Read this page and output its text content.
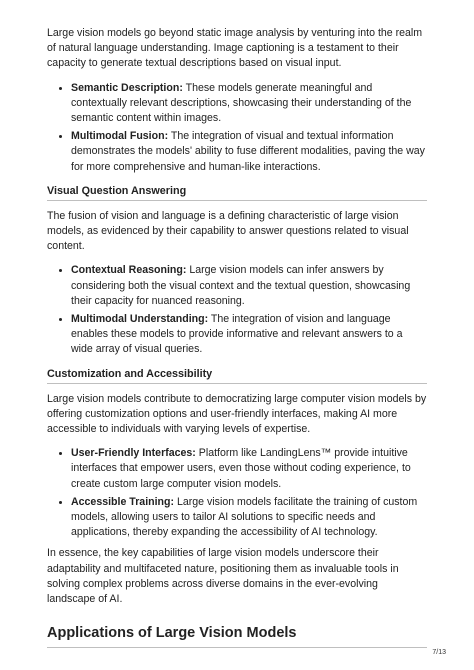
Large vision models go beyond static image analysis by venturing into the realm of natural language understanding. Image captioning is a testament to their capacity to generate textual descriptions based on visual input.

• Semantic Description: These models generate meaningful and contextually relevant descriptions, showcasing their understanding of the semantic content within images.
• Multimodal Fusion: The integration of visual and textual information demonstrates the models' ability to fuse different modalities, paving the way for more comprehensive and human-like interactions.
Visual Question Answering

The fusion of vision and language is a defining characteristic of large vision models, as evidenced by their capability to answer questions related to visual content.

• Contextual Reasoning: Large vision models can infer answers by considering both the visual context and the textual question, showcasing their capacity for nuanced reasoning.
• Multimodal Understanding: The integration of vision and language enables these models to provide informative and relevant answers to a wide array of visual queries.
Customization and Accessibility

Large vision models contribute to democratizing large computer vision models by offering customization options and user-friendly interfaces, making AI more accessible to individuals with varying levels of expertise.

• User-Friendly Interfaces: Platform like LandingLens™ provide intuitive interfaces that empower users, even those without coding experience, to create custom large computer vision models.
• Accessible Training: Large vision models facilitate the training of custom models, allowing users to tailor AI solutions to specific needs and applications, thereby expanding the accessibility of AI technology.

In essence, the key capabilities of large vision models underscore their adaptability and multifaceted nature, positioning them as invaluable tools in solving complex problems across diverse domains in the ever-evolving landscape of AI.

Applications of Large Vision Models
7/13
